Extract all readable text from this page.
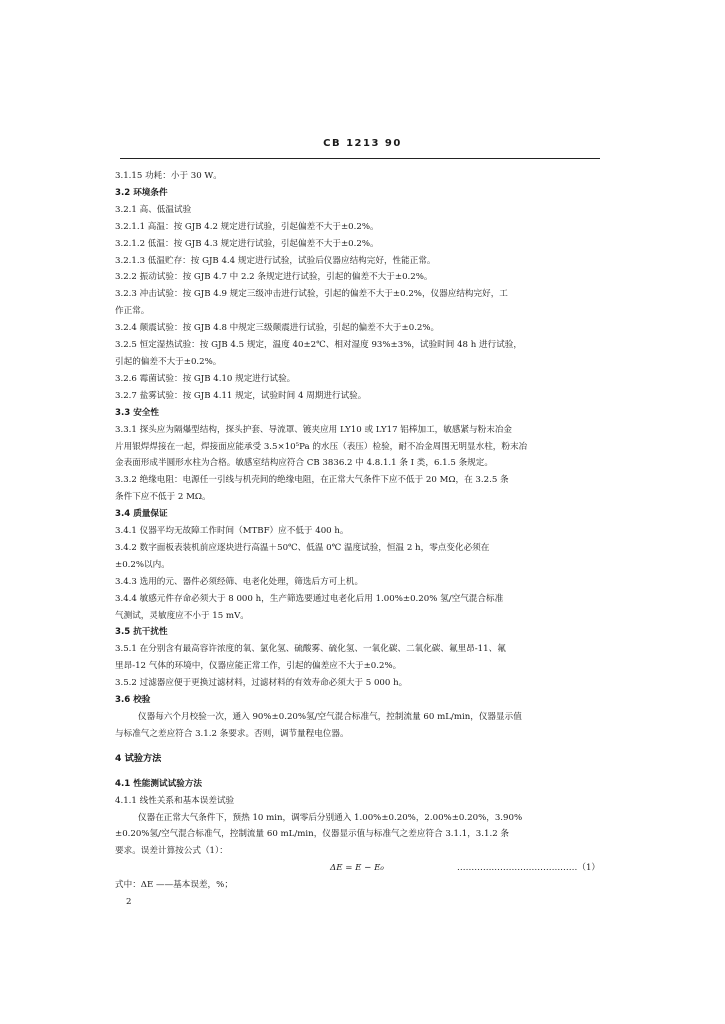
CB 1213 90
3.1.15 功耗：小于 30 W。
3.2 环境条件
3.2.1 高、低温试验
3.2.1.1 高温：按 GJB 4.2 规定进行试验，引起偏差不大于±0.2%。
3.2.1.2 低温：按 GJB 4.3 规定进行试验，引起偏差不大于±0.2%。
3.2.1.3 低温贮存：按 GJB 4.4 规定进行试验，试验后仪器应结构完好，性能正常。
3.2.2 振动试验：按 GJB 4.7 中 2.2 条规定进行试验，引起的偏差不大于±0.2%。
3.2.3 冲击试验：按 GJB 4.9 规定三级冲击进行试验，引起的偏差不大于±0.2%，仪器应结构完好，工
作正常。
3.2.4 颠震试验：按 GJB 4.8 中规定三级颠震进行试验，引起的偏差不大于±0.2%。
3.2.5 恒定湿热试验：按 GJB 4.5 规定，温度 40±2℃、相对湿度 93%±3%，试验时间 48 h 进行试验，
引起的偏差不大于±0.2%。
3.2.6 霉菌试验：按 GJB 4.10 规定进行试验。
3.2.7 盐雾试验：按 GJB 4.11 规定，试验时间 4 周期进行试验。
3.3 安全性
3.3.1 探头应为隔爆型结构，探头护套、导流罩、镀夹应用 LY10 或 LY17 铝棒加工，敏感紧与粉末冶金
片用银焊焊接在一起，焊接面应能承受 3.5×10⁵Pa 的水压（表压）检验，耐不冶金周围无明显水柱，粉末冶
金表面形成半圆形水柱为合格。敏感室结构应符合 CB 3836.2 中 4.8.1.1 条 I 类，6.1.5 条规定。
3.3.2 绝缘电阻：电源任一引线与机壳间的绝缘电阻，在正常大气条件下应不低于 20 MΩ，在 3.2.5 条
条件下应不低于 2 MΩ。
3.4 质量保证
3.4.1 仪器平均无故障工作时间（MTBF）应不低于 400 h。
3.4.2 数字面板表装机前应逐块进行高温＋50℃、低温 0℃ 温度试验，恒温 2 h，零点变化必须在
±0.2%以内。
3.4.3 选用的元、器件必须经筛、电老化处理，筛选后方可上机。
3.4.4 敏感元件存命必须大于 8 000 h，生产筛选要通过电老化后用 1.00%±0.20% 氢/空气混合标准
气测试，灵敏度应不小于 15 mV。
3.5 抗干扰性
3.5.1 在分别含有最高容许浓度的氧、氯化氢、硫酸雾、硫化氢、一氧化碳、二氧化碳、氟里昂-11、氟
里昂-12 气体的环境中，仪器应能正常工作，引起的偏差应不大于±0.2%。
3.5.2 过滤器应便于更换过滤材料，过滤材料的有效寿命必须大于 5 000 h。
3.6 校验
仪器每六个月校验一次，通入 90%±0.20%氢/空气混合标准气，控制流量 60 mL/min，仪器显示值
与标准气之差应符合 3.1.2 条要求。否则，调节量程电位器。
4 试验方法
4.1 性能测试试验方法
4.1.1 线性关系和基本误差试验
仪器在正常大气条件下，预热 10 min，调零后分别通入 1.00%±0.20%，2.00%±0.20%，3.90%
±0.20%氢/空气混合标准气，控制流量 60 mL/min，仪器显示值与标准气之差应符合 3.1.1，3.1.2 条
要求。误差计算按公式（1）：
ΔE = E − E₀	……………………………………（1）
式中：ΔE ——基本误差，%；
2
